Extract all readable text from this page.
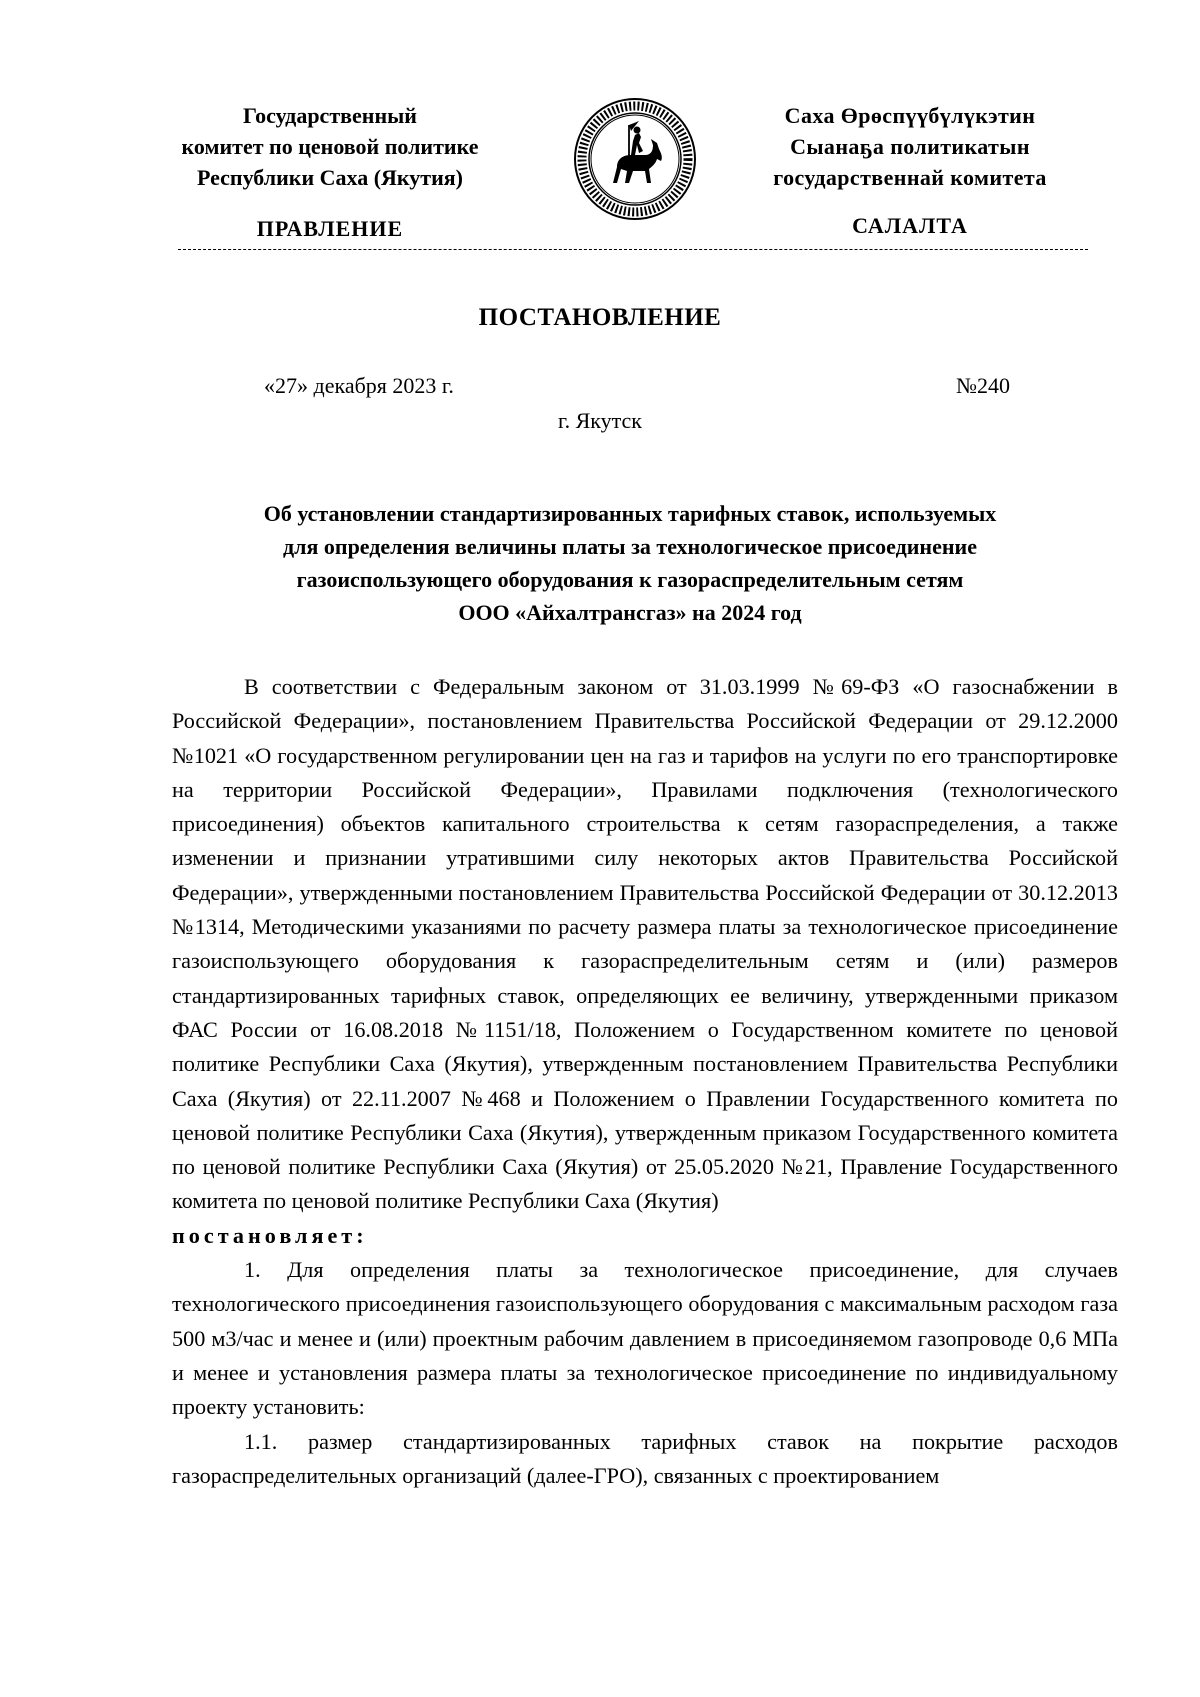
Государственный
комитет по ценовой политике
Республики Саха (Якутия)
ПРАВЛЕНИЕ
Саха Өрөспүүбүлүкэтин
Сыанаҕа политикатын
государственнай комитета
САЛАЛТА
ПОСТАНОВЛЕНИЕ
«27» декабря 2023 г.	№240
г. Якутск
Об установлении стандартизированных тарифных ставок, используемых
для определения величины платы за технологическое присоединение
газоиспользующего оборудования к газораспределительным сетям
ООО «Айхалтрансгаз» на 2024 год

В соответствии с Федеральным законом от 31.03.1999 №69-ФЗ «О газоснабжении в Российской Федерации», постановлением Правительства Российской Федерации от 29.12.2000 №1021 «О государственном регулировании цен на газ и тарифов на услуги по его транспортировке на территории Российской Федерации», Правилами подключения (технологического присоединения) объектов капитального строительства к сетям газораспределения, а также изменении и признании утратившими силу некоторых актов Правительства Российской Федерации», утвержденными постановлением Правительства Российской Федерации от 30.12.2013 №1314, Методическими указаниями по расчету размера платы за технологическое присоединение газоиспользующего оборудования к газораспределительным сетям и (или) размеров стандартизированных тарифных ставок, определяющих ее величину, утвержденными приказом ФАС России от 16.08.2018 №1151/18, Положением о Государственном комитете по ценовой политике Республики Саха (Якутия), утвержденным постановлением Правительства Республики Саха (Якутия) от 22.11.2007 №468 и Положением о Правлении Государственного комитета по ценовой политике Республики Саха (Якутия), утвержденным приказом Государственного комитета по ценовой политике Республики Саха (Якутия) от 25.05.2020 №21, Правление Государственного комитета по ценовой политике Республики Саха (Якутия)

постановляет:

1. Для определения платы за технологическое присоединение, для случаев технологического присоединения газоиспользующего оборудования с максимальным расходом газа 500 м3/час и менее и (или) проектным рабочим давлением в присоединяемом газопроводе 0,6 МПа и менее и установления размера платы за технологическое присоединение по индивидуальному проекту установить:

1.1. размер стандартизированных тарифных ставок на покрытие расходов газораспределительных организаций (далее-ГРО), связанных с проектированием
